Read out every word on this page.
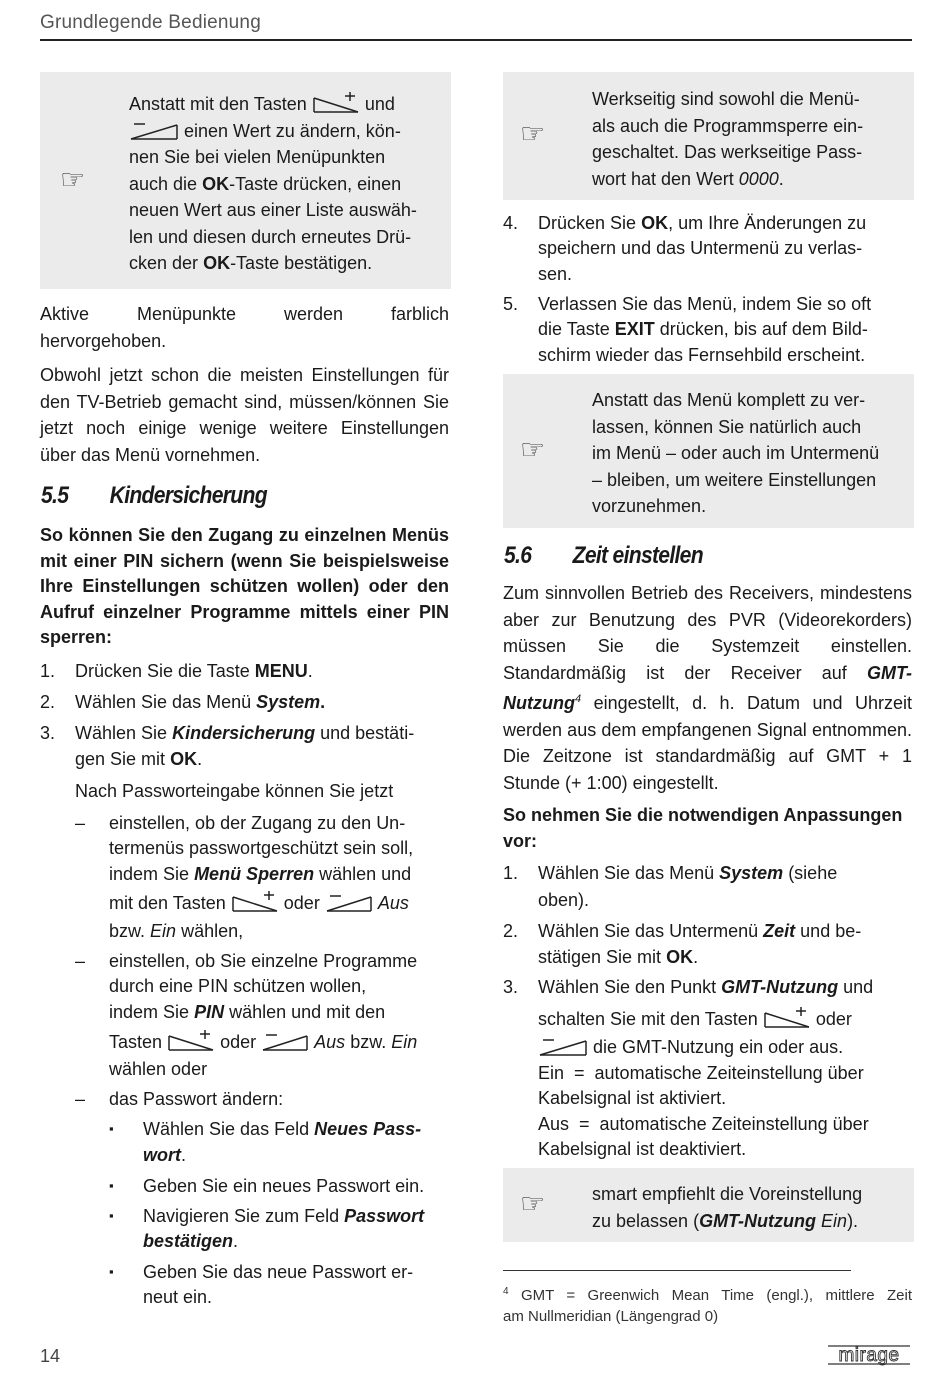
Grundlegende Bedienung
☞
Anstatt mit den Tasten	und
einen Wert zu ändern, kön-
nen Sie bei vielen Menüpunkten
auch die OK-Taste drücken, einen
neuen Wert aus einer Liste auswäh-
len und diesen durch erneutes Drü-
cken der OK-Taste bestätigen.

Aktive Menüpunkte werden farblich hervorgehoben.

Obwohl jetzt schon die meisten Einstellungen für den TV-Betrieb gemacht sind, müssen/können Sie jetzt noch einige wenige weitere Einstellungen über das Menü vornehmen.

5.5 Kindersicherung
So können Sie den Zugang zu einzelnen Menüs mit einer PIN sichern (wenn Sie beispielsweise Ihre Einstellungen schützen wollen) oder den Aufruf einzelner Programme mittels einer PIN sperren:
1. Drücken Sie die Taste MENU.
2. Wählen Sie das Menü System.
3. Wählen Sie Kindersicherung und bestäti-
gen Sie mit OK.
Nach Passworteingabe können Sie jetzt
– einstellen, ob der Zugang zu den Un-
termenüs passwortgeschützt sein soll,
indem Sie Menü Sperren wählen und
mit den Tasten	oder	Aus
bzw. Ein wählen,
– einstellen, ob Sie einzelne Programme
durch eine PIN schützen wollen,
indem Sie PIN wählen und mit den
Tasten	oder	Aus bzw. Ein
wählen oder
– das Passwort ändern:
▪ Wählen Sie das Feld Neues Pass-
wort.
▪ Geben Sie ein neues Passwort ein.
▪ Navigieren Sie zum Feld Passwort
bestätigen.
▪ Geben Sie das neue Passwort er-
neut ein.
☞
Werkseitig sind sowohl die Menü-
als auch die Programmsperre ein-
geschaltet. Das werkseitige Pass-
wort hat den Wert 0000.
4. Drücken Sie OK, um Ihre Änderungen zu
speichern und das Untermenü zu verlas-
sen.
5. Verlassen Sie das Menü, indem Sie so oft
die Taste EXIT drücken, bis auf dem Bild-
schirm wieder das Fernsehbild erscheint.
☞
Anstatt das Menü komplett zu ver-
lassen, können Sie natürlich auch
im Menü – oder auch im Untermenü
– bleiben, um weitere Einstellungen
vorzunehmen.
5.6 Zeit einstellen
Zum sinnvollen Betrieb des Receivers, mindestens aber zur Benutzung des PVR (Videorekorders) müssen Sie die Systemzeit einstellen. Standardmäßig ist der Receiver auf GMT-Nutzung$^4$ eingestellt, d. h. Datum und Uhrzeit werden aus dem empfangenen Signal entnommen. Die Zeitzone ist standardmäßig auf GMT + 1 Stunde (+ 1:00) eingestellt.
So nehmen Sie die notwendigen Anpassungen vor:
1. Wählen Sie das Menü System (siehe
oben).
2. Wählen Sie das Untermenü Zeit und be-
stätigen Sie mit OK.
3. Wählen Sie den Punkt GMT-Nutzung und
schalten Sie mit den Tasten	oder
die GMT-Nutzung ein oder aus.
Ein  =  automatische Zeiteinstellung über
Kabelsignal ist aktiviert.
Aus  =  automatische Zeiteinstellung über
Kabelsignal ist deaktiviert.
☞	smart empfiehlt die Voreinstellung
zu belassen (GMT-Nutzung Ein).
$^4$ GMT = Greenwich Mean Time (engl.), mittlere Zeit
am Nullmeridian (Längengrad 0)
14	mirage
